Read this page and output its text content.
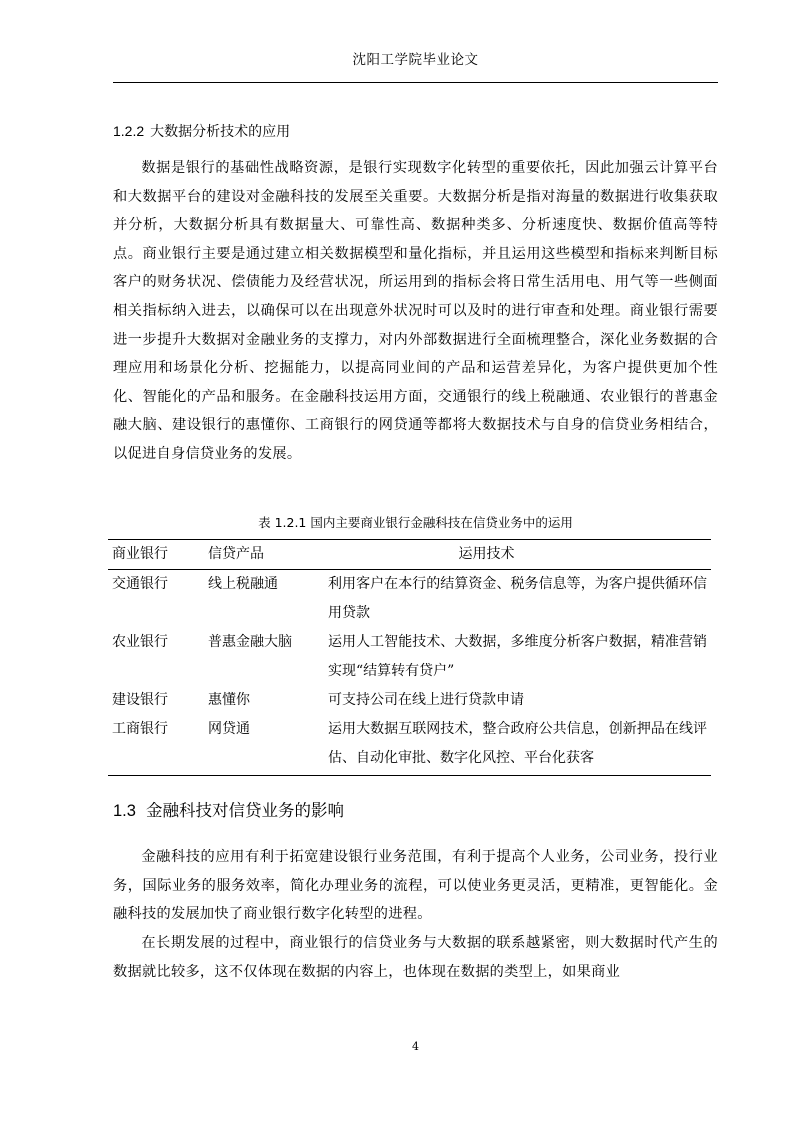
沈阳工学院毕业论文
1.2.2 大数据分析技术的应用

数据是银行的基础性战略资源，是银行实现数字化转型的重要依托，因此加强云计算平台和大数据平台的建设对金融科技的发展至关重要。大数据分析是指对海量的数据进行收集获取并分析，大数据分析具有数据量大、可靠性高、数据种类多、分析速度快、数据价值高等特点。商业银行主要是通过建立相关数据模型和量化指标，并且运用这些模型和指标来判断目标客户的财务状况、偿债能力及经营状况，所运用到的指标会将日常生活用电、用气等一些侧面相关指标纳入进去，以确保可以在出现意外状况时可以及时的进行审查和处理。商业银行需要进一步提升大数据对金融业务的支撑力，对内外部数据进行全面梳理整合，深化业务数据的合理应用和场景化分析、挖掘能力，以提高同业间的产品和运营差异化，为客户提供更加个性化、智能化的产品和服务。在金融科技运用方面，交通银行的线上税融通、农业银行的普惠金融大脑、建设银行的惠懂你、工商银行的网贷通等都将大数据技术与自身的信贷业务相结合，以促进自身信贷业务的发展。

表 1.2.1 国内主要商业银行金融科技在信贷业务中的运用
商业银行	信贷产品	运用技术
交通银行	线上税融通	利用客户在本行的结算资金、税务信息等，为客户提供循环信用贷款
农业银行	普惠金融大脑	运用人工智能技术、大数据，多维度分析客户数据，精准营销实现“结算转有贷户”
建设银行	惠懂你	可支持公司在线上进行贷款申请
工商银行	网贷通	运用大数据互联网技术，整合政府公共信息，创新押品在线评估、自动化审批、数字化风控、平台化获客
1.3 金融科技对信贷业务的影响

金融科技的应用有利于拓宽建设银行业务范围，有利于提高个人业务，公司业务，投行业务，国际业务的服务效率，简化办理业务的流程，可以使业务更灵活，更精准，更智能化。金融科技的发展加快了商业银行数字化转型的进程。

在长期发展的过程中，商业银行的信贷业务与大数据的联系越紧密，则大数据时代产生的数据就比较多，这不仅体现在数据的内容上，也体现在数据的类型上，如果商业

4
